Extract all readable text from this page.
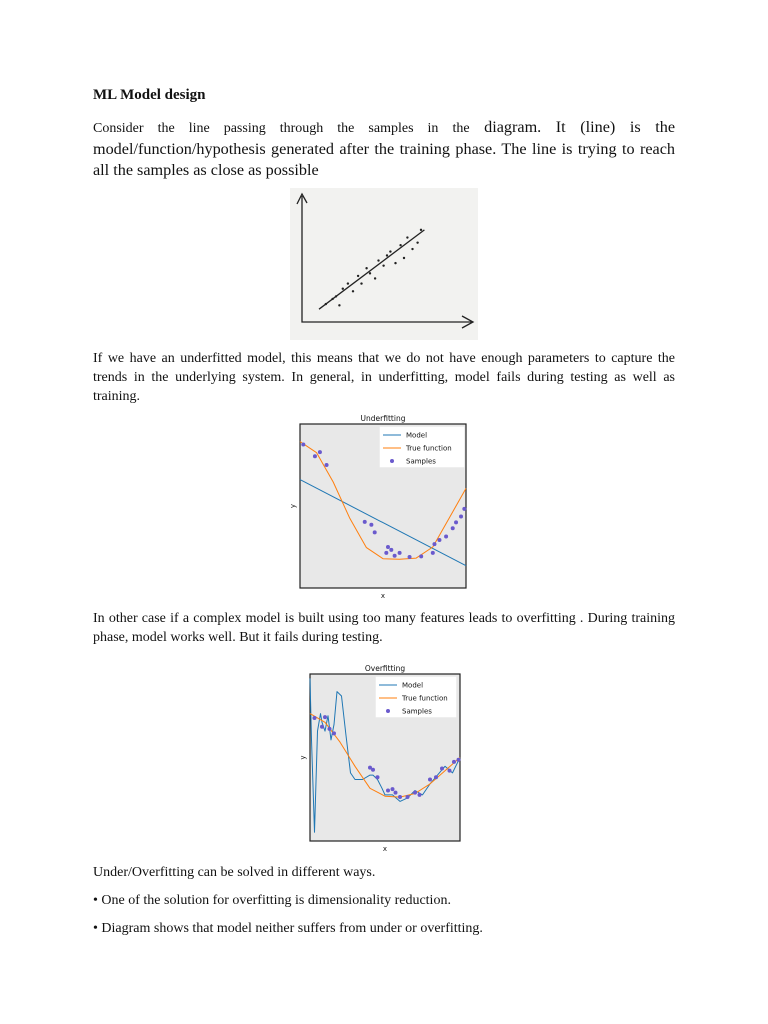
ML Model design
Consider the line passing through the samples in the diagram. It (line) is the model/function/hypothesis generated after the training phase. The line is trying to reach all the samples as close as possible
If we have an underfitted model, this means that we do not have enough parameters to capture the trends in the underlying system. In general, in underfitting, model fails during testing as well as training.
Underfitting
x
y
Model
True function
Samples
In other case if a complex model is built using too many features leads to overfitting . During training phase, model works well. But it fails during testing.
Overfitting
x
y
Model
True function
Samples
Under/Overfitting can be solved in different ways.
• One of the solution for overfitting is dimensionality reduction.
• Diagram shows that model neither suffers from under or overfitting.
